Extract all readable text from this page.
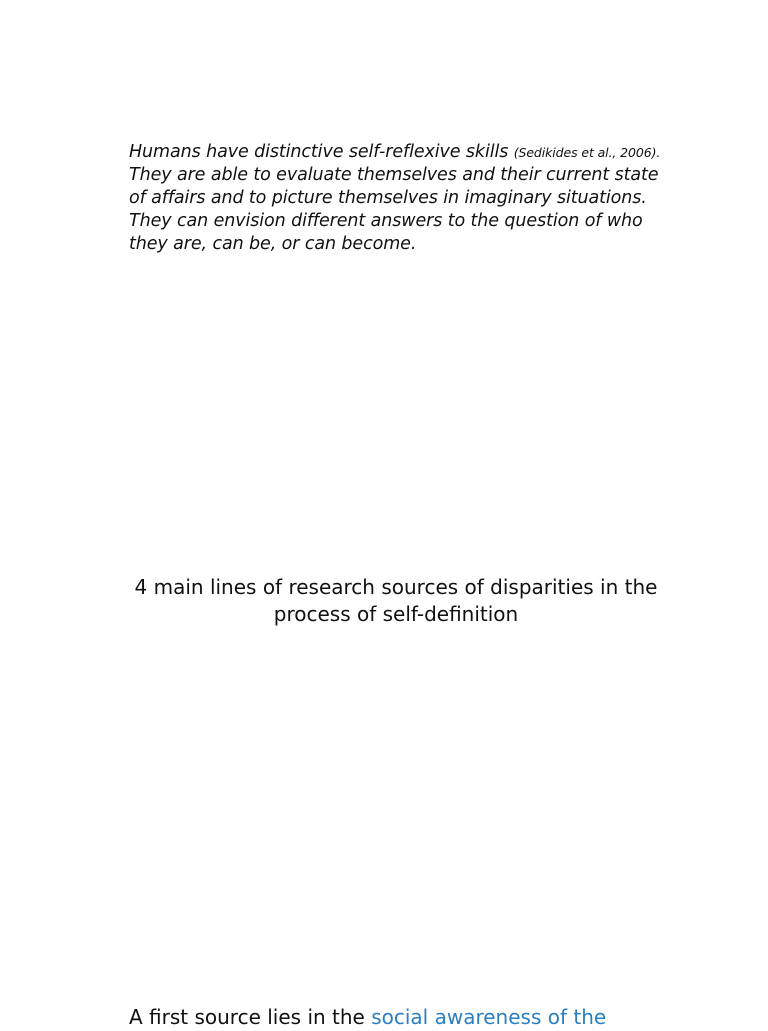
Humans have distinctive self-reflexive skills (Sedikides et al., 2006). They are able to evaluate themselves and their current state of affairs and to picture themselves in imaginary situations. They can envision different answers to the question of who they are, can be, or can become.
4 main lines of research sources of disparities in the process of self-definition
A first source lies in the social awareness of the
